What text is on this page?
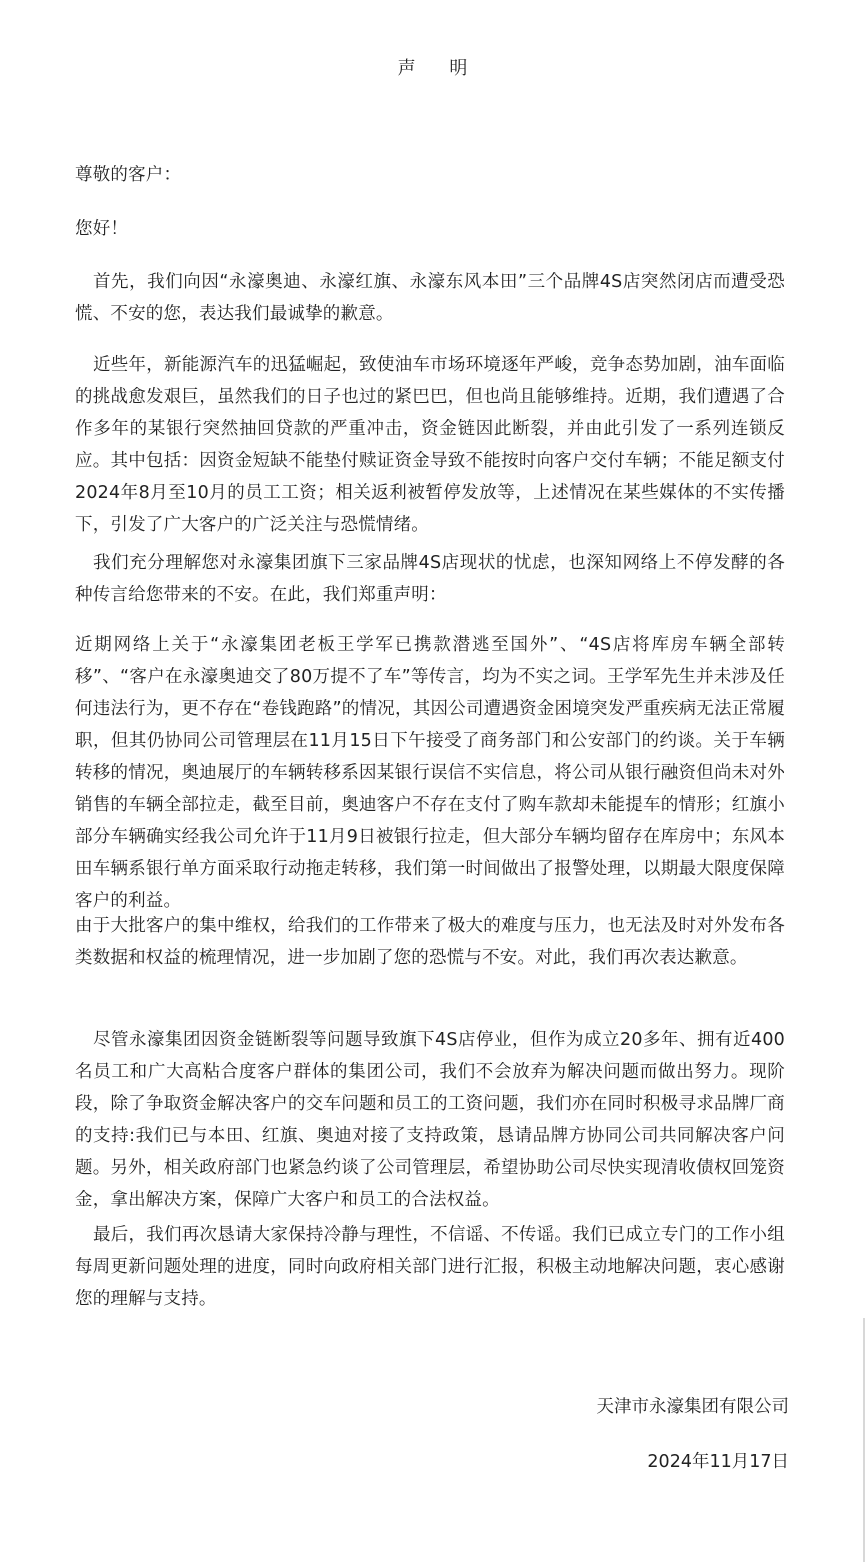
声 明

尊敬的客户：

您好！

首先，我们向因“永濠奥迪、永濠红旗、永濠东风本田”三个品牌4S店突然闭店而遭受恐慌、不安的您，表达我们最诚挚的歉意。

近些年，新能源汽车的迅猛崛起，致使油车市场环境逐年严峻，竞争态势加剧，油车面临的挑战愈发艰巨，虽然我们的日子也过的紧巴巴，但也尚且能够维持。近期，我们遭遇了合作多年的某银行突然抽回贷款的严重冲击，资金链因此断裂，并由此引发了一系列连锁反应。其中包括：因资金短缺不能垫付赎证资金导致不能按时向客户交付车辆；不能足额支付2024年8月至10月的员工工资；相关返利被暂停发放等，上述情况在某些媒体的不实传播下，引发了广大客户的广泛关注与恐慌情绪。

我们充分理解您对永濠集团旗下三家品牌4S店现状的忧虑，也深知网络上不停发酵的各种传言给您带来的不安。在此，我们郑重声明：

近期网络上关于“永濠集团老板王学军已携款潜逃至国外”、“4S店将库房车辆全部转移”、“客户在永濠奥迪交了80万提不了车”等传言，均为不实之词。王学军先生并未涉及任何违法行为，更不存在“卷钱跑路”的情况，其因公司遭遇资金困境突发严重疾病无法正常履职，但其仍协同公司管理层在11月15日下午接受了商务部门和公安部门的约谈。关于车辆转移的情况，奥迪展厅的车辆转移系因某银行误信不实信息，将公司从银行融资但尚未对外销售的车辆全部拉走，截至目前，奥迪客户不存在支付了购车款却未能提车的情形；红旗小部分车辆确实经我公司允许于11月9日被银行拉走，但大部分车辆均留存在库房中；东风本田车辆系银行单方面采取行动拖走转移，我们第一时间做出了报警处理，以期最大限度保障客户的利益。

由于大批客户的集中维权，给我们的工作带来了极大的难度与压力，也无法及时对外发布各类数据和权益的梳理情况，进一步加剧了您的恐慌与不安。对此，我们再次表达歉意。

尽管永濠集团因资金链断裂等问题导致旗下4S店停业，但作为成立20多年、拥有近400名员工和广大高粘合度客户群体的集团公司，我们不会放弃为解决问题而做出努力。现阶段，除了争取资金解决客户的交车问题和员工的工资问题，我们亦在同时积极寻求品牌厂商的支持:我们已与本田、红旗、奥迪对接了支持政策，恳请品牌方协同公司共同解决客户问题。另外，相关政府部门也紧急约谈了公司管理层，希望协助公司尽快实现清收债权回笼资金，拿出解决方案，保障广大客户和员工的合法权益。

最后，我们再次恳请大家保持冷静与理性，不信谣、不传谣。我们已成立专门的工作小组每周更新问题处理的进度，同时向政府相关部门进行汇报，积极主动地解决问题，衷心感谢您的理解与支持。

天津市永濠集团有限公司
2024年11月17日
